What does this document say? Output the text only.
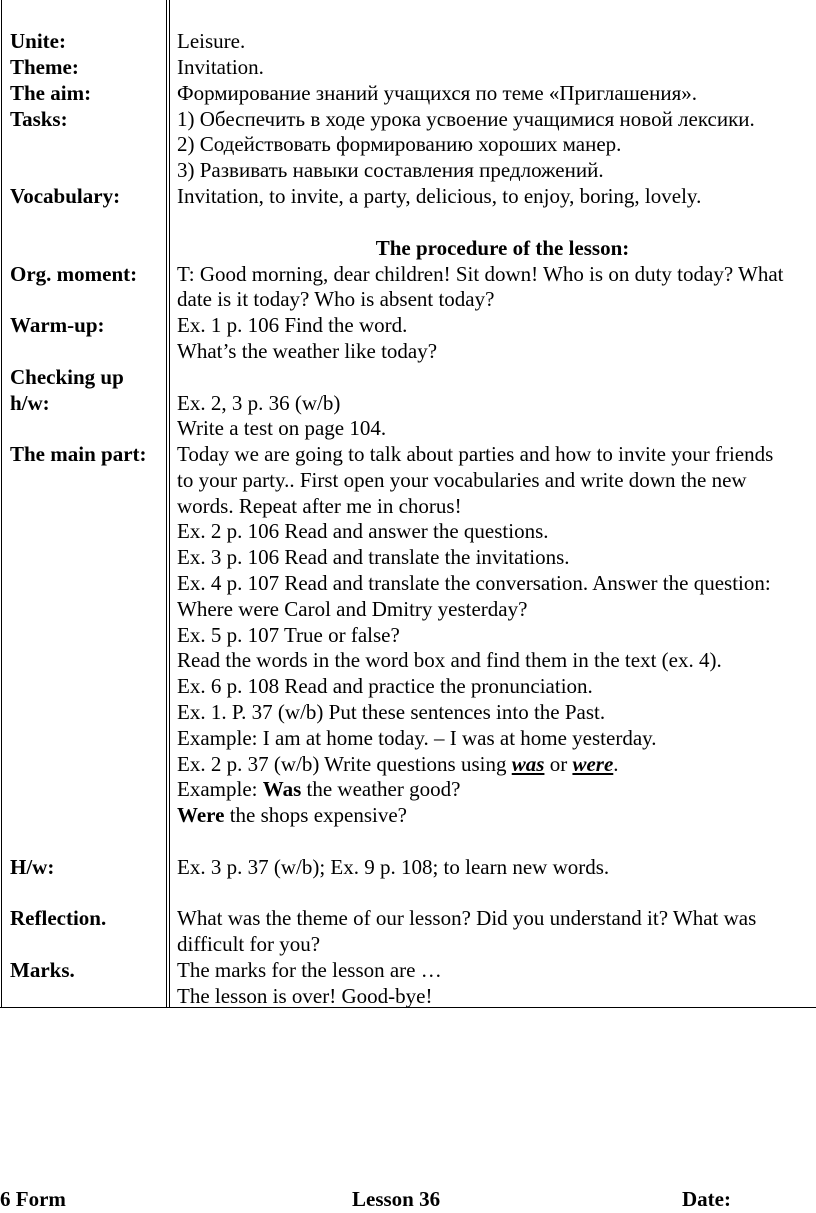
Unite:
Theme:
The aim:
Tasks:
Vocabulary:
Org. moment:
Warm-up:
Checking up
h/w:
The main part:
H/w:
Reflection.
Marks.
Leisure.
Invitation.
Формирование знаний учащихся по теме «Приглашения».
1) Обеспечить в ходе урока усвоение учащимися новой лексики.
2) Содействовать формированию хороших манер.
3) Развивать навыки составления предложений.
Invitation, to invite, a party, delicious, to enjoy, boring, lovely.
The procedure of the lesson:
T: Good morning, dear children! Sit down! Who is on duty today? What
date is it today? Who is absent today?
Ex. 1 p. 106 Find the word.
What’s the weather like today?
Ex. 2, 3 p. 36 (w/b)
Write a test on page 104.
Today we are going to talk about parties and how to invite your friends
to your party.. First open your vocabularies and write down the new
words. Repeat after me in chorus!
Ex. 2 p. 106 Read and answer the questions.
Ex. 3 p. 106 Read and translate the invitations.
Ex. 4 p. 107 Read and translate the conversation. Answer the question:
Where were Carol and Dmitry yesterday?
Ex. 5 p. 107 True or false?
Read the words in the word box and find them in the text (ex. 4).
Ex. 6 p. 108 Read and practice the pronunciation.
Ex. 1. P. 37 (w/b) Put these sentences into the Past.
Example: I am at home today. – I was at home yesterday.
Ex. 2 p. 37 (w/b) Write questions using was or were.
Example: Was the weather good?
Were the shops expensive?
Ex. 3 p. 37 (w/b); Ex. 9 p. 108; to learn new words.
What was the theme of our lesson? Did you understand it? What was
difficult for you?
The marks for the lesson are …
The lesson is over! Good-bye!
6 Form	Lesson 36	Date:
